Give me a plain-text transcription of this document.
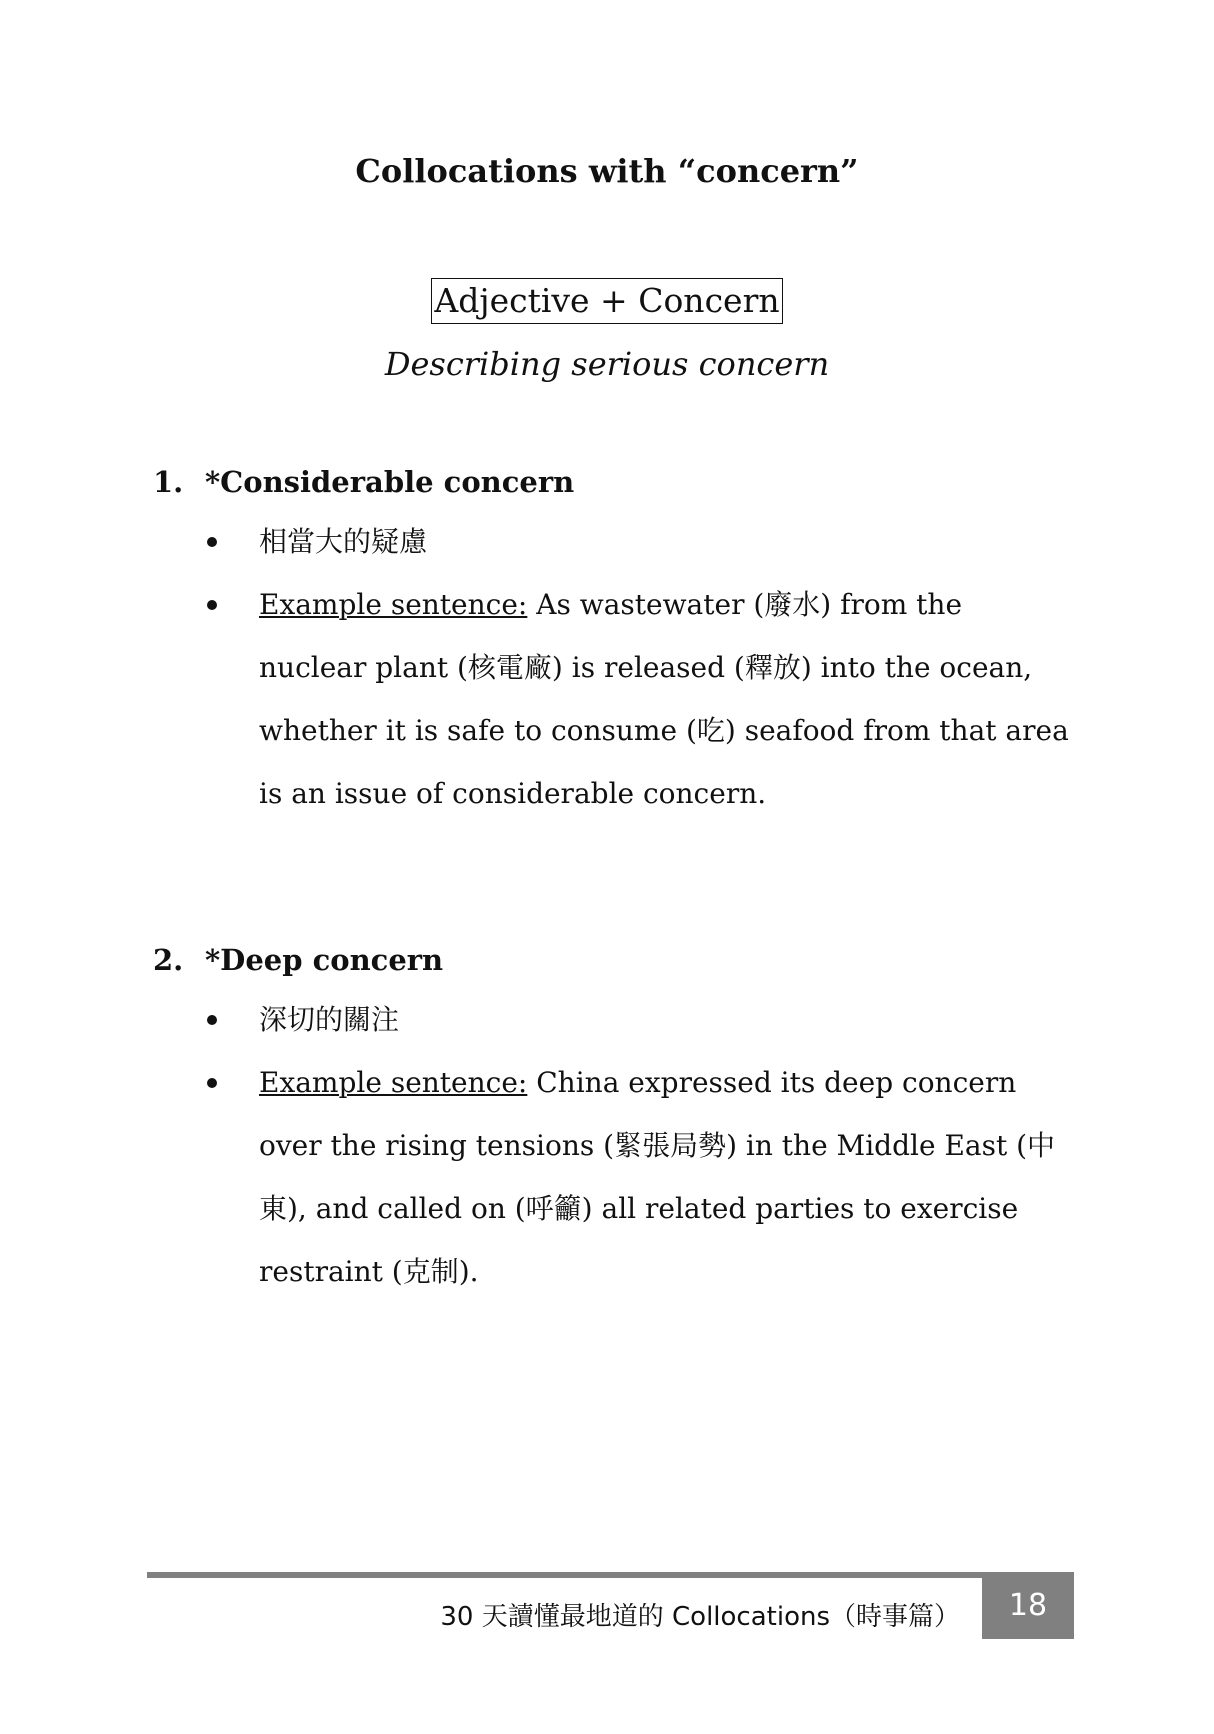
Collocations with “concern”
Adjective + Concern
Describing serious concern
1. *Considerable concern
相當大的疑慮
Example sentence: As wastewater (廢水) from the nuclear plant (核電廠) is released (釋放) into the ocean, whether it is safe to consume (吃) seafood from that area is an issue of considerable concern.
2. *Deep concern
深切的關注
Example sentence: China expressed its deep concern over the rising tensions (緊張局勢) in the Middle East (中東), and called on (呼籲) all related parties to exercise restraint (克制).
30 天讀懂最地道的 Collocations（時事篇）	18
